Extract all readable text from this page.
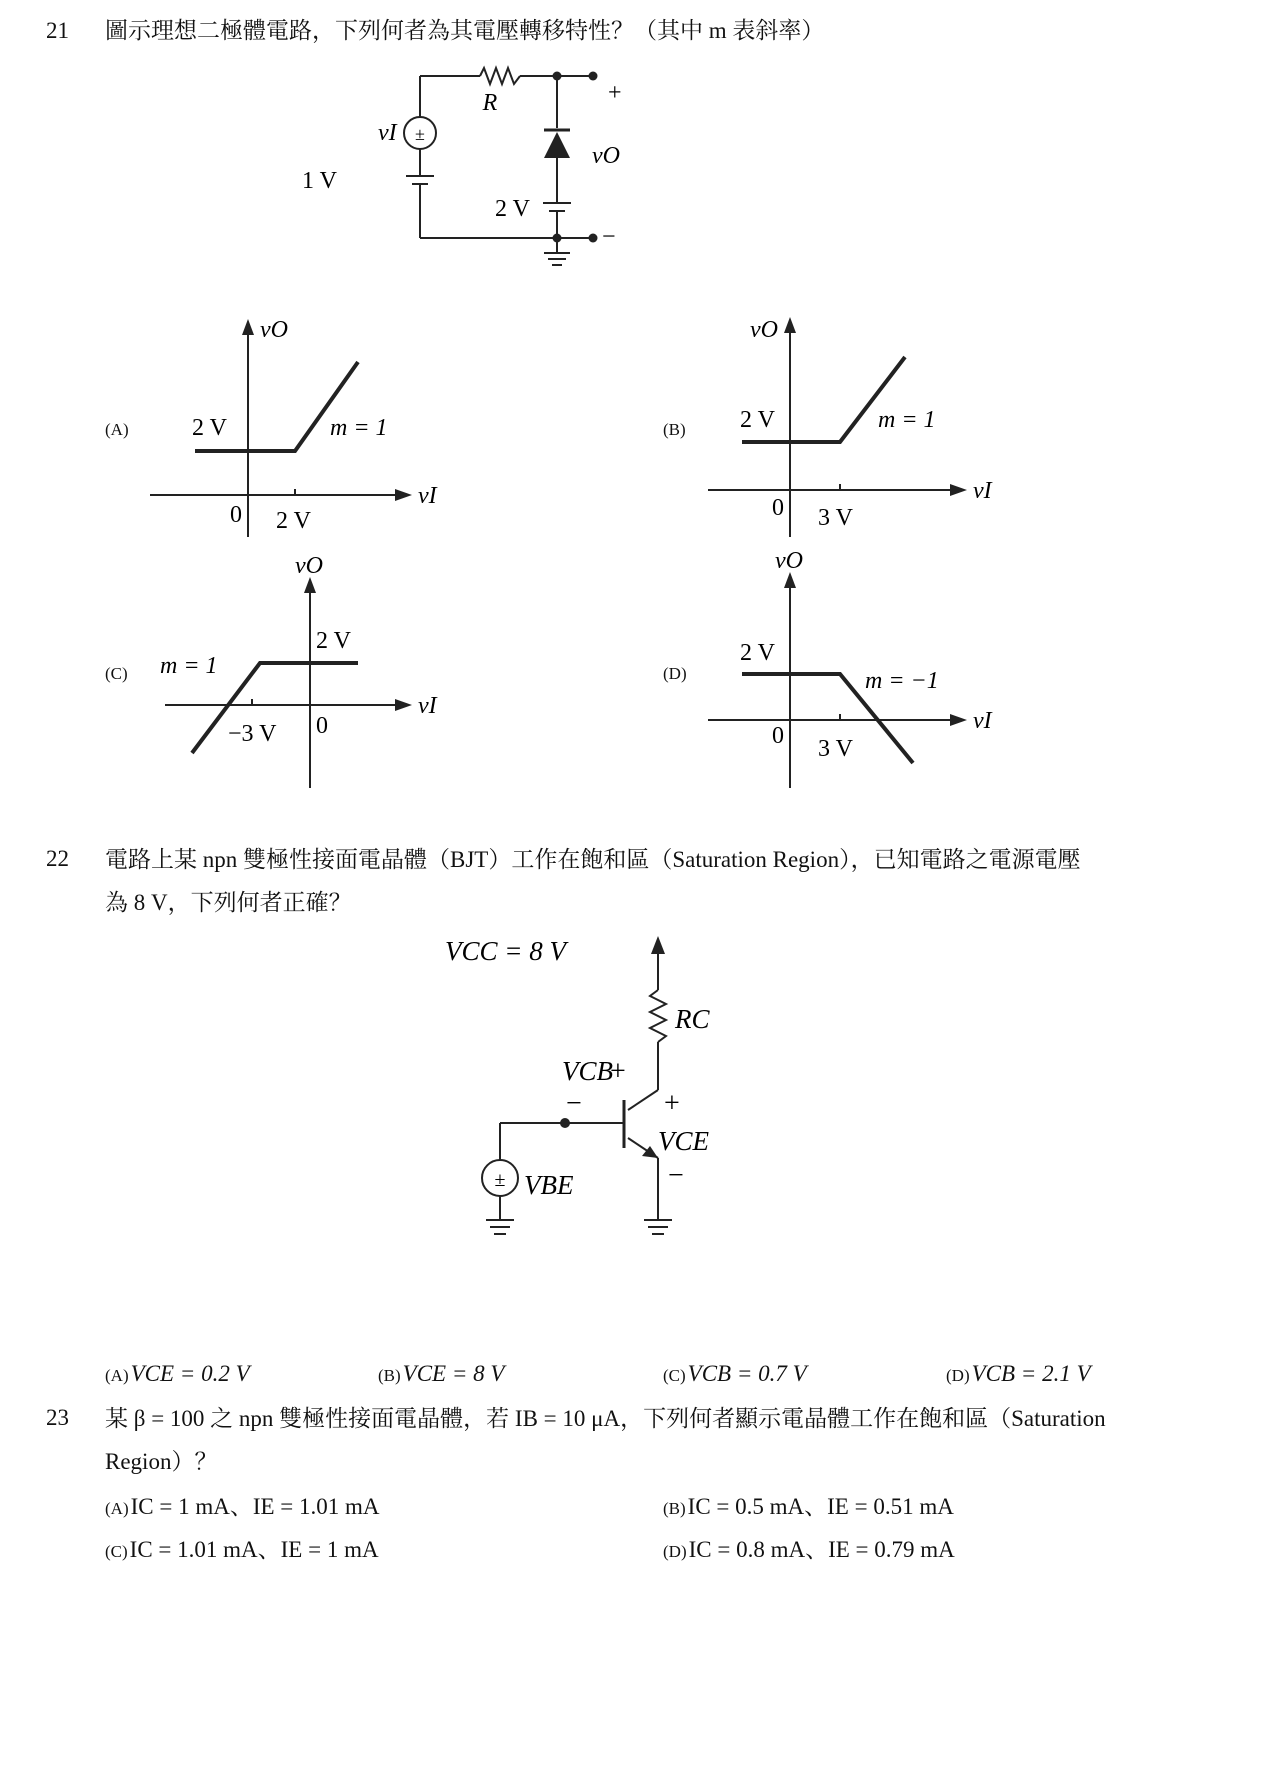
21 圖示理想二極體電路，下列何者為其電壓轉移特性？（其中 m 表斜率）
±
vI
R
1 V
2 V
vO
+
−
(A)
vO
vI
2 V	m = 1
2 V
0
(B)
vO
vI
2 V	m = 1
3 V
0
(C)
vO
vI
2 V
m = 1
−3 V 0
(D)
vO
vI
2 V
m = −1
3 V
0
22 電路上某 npn 雙極性接面電晶體（BJT）工作在飽和區（Saturation Region），已知電路之電源電壓
為 8 V，下列何者正確？
±
VCC = 8 V
RC
VCB
+
−	+
VCE
−
VBE
(A)VCE = 0.2 V	(B)VCE = 8 V	(C)VCB = 0.7 V	(D)VCB = 2.1 V
23 某 β = 100 之 npn 雙極性接面電晶體，若 IB = 10 μA，下列何者顯示電晶體工作在飽和區（Saturation
Region）？
(A)IC = 1 mA、IE = 1.01 mA	(B)IC = 0.5 mA、IE = 0.51 mA
(C)IC = 1.01 mA、IE = 1 mA	(D)IC = 0.8 mA、IE = 0.79 mA
